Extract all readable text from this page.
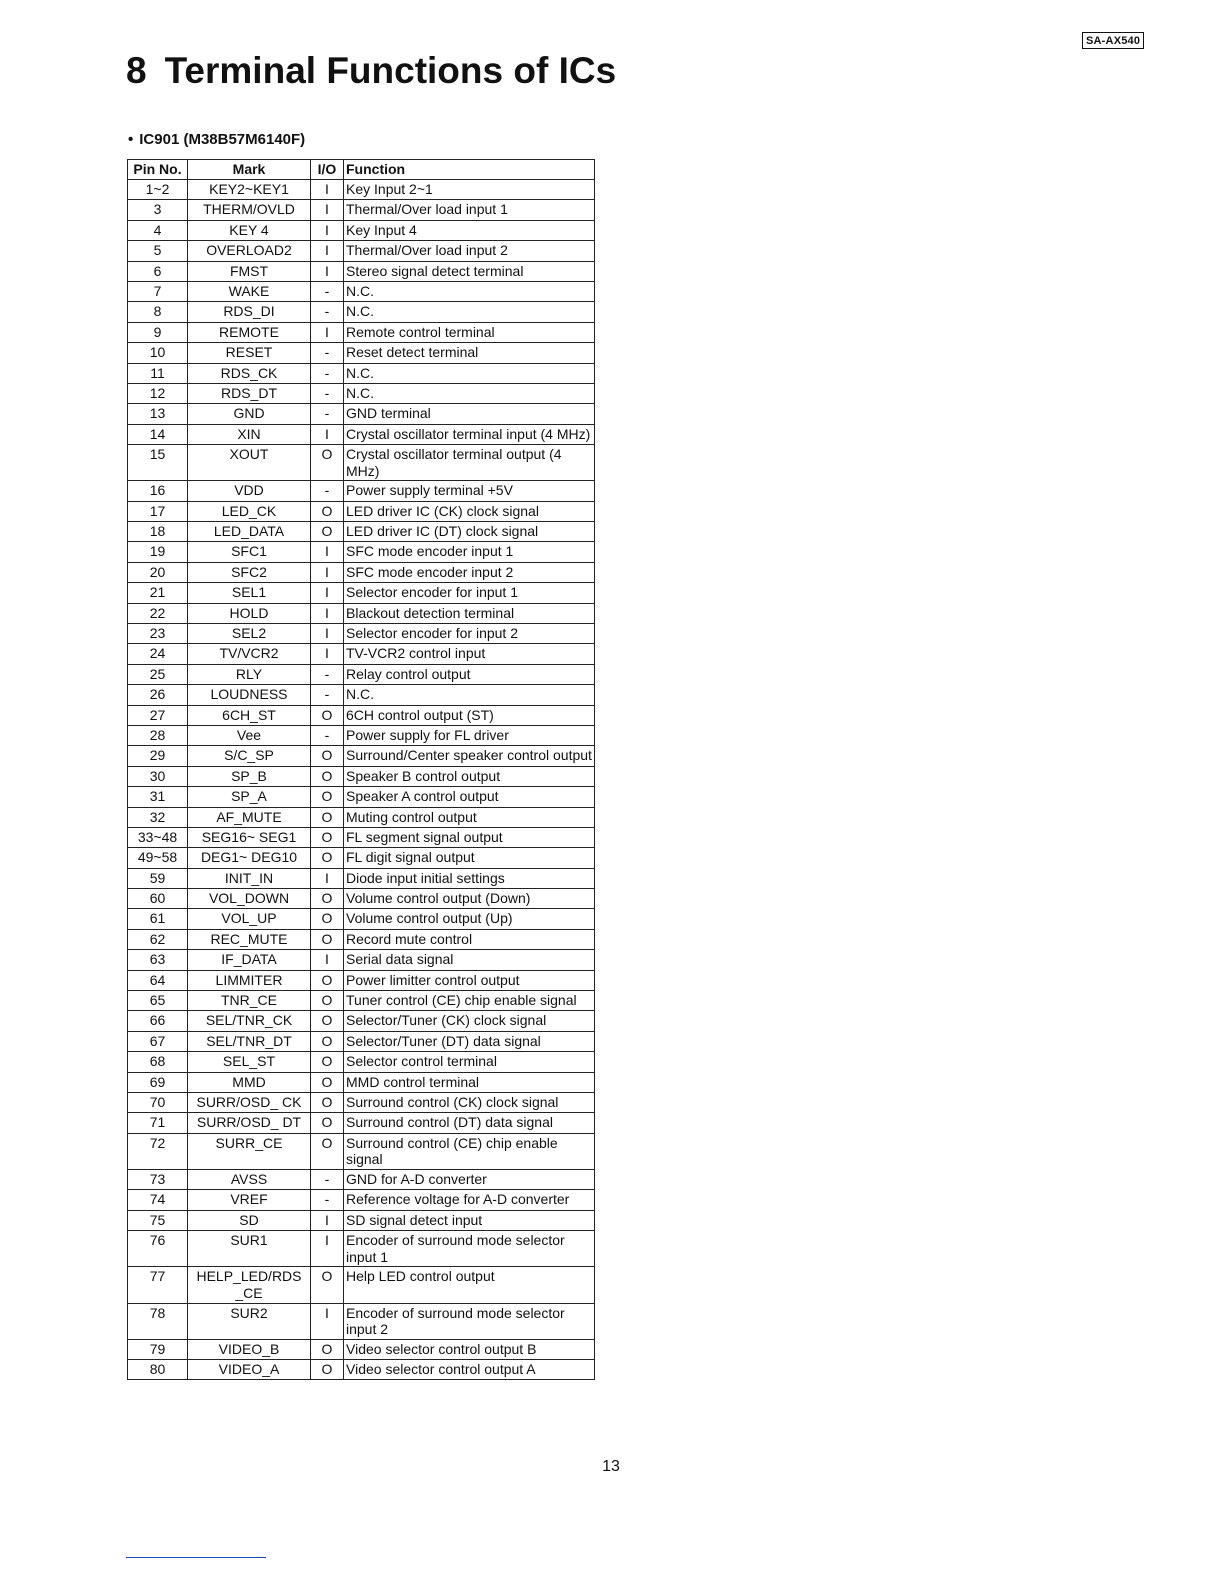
SA-AX540
8 Terminal Functions of ICs
• IC901 (M38B57M6140F)
Pin No.	Mark	I/O	Function
1~2	KEY2~KEY1	I	Key Input 2~1
3	THERM/OVLD	I	Thermal/Over load input 1
4	KEY 4	I	Key Input 4
5	OVERLOAD2	I	Thermal/Over load input 2
6	FMST	I	Stereo signal detect terminal
7	WAKE	-	N.C.
8	RDS_DI	-	N.C.
9	REMOTE	I	Remote control terminal
10	RESET	-	Reset detect terminal
11	RDS_CK	-	N.C.
12	RDS_DT	-	N.C.
13	GND	-	GND terminal
14	XIN	I	Crystal oscillator terminal input (4 MHz)
15	XOUT	O	Crystal oscillator terminal output (4 MHz)
16	VDD	-	Power supply terminal +5V
17	LED_CK	O	LED driver IC (CK) clock signal
18	LED_DATA	O	LED driver IC (DT) clock signal
19	SFC1	I	SFC mode encoder input 1
20	SFC2	I	SFC mode encoder input 2
21	SEL1	I	Selector encoder for input 1
22	HOLD	I	Blackout detection terminal
23	SEL2	I	Selector encoder for input 2
24	TV/VCR2	I	TV-VCR2 control input
25	RLY	-	Relay control output
26	LOUDNESS	-	N.C.
27	6CH_ST	O	6CH control output (ST)
28	Vee	-	Power supply for FL driver
29	S/C_SP	O	Surround/Center speaker control output
30	SP_B	O	Speaker B control output
31	SP_A	O	Speaker A control output
32	AF_MUTE	O	Muting control output
33~48	SEG16~ SEG1	O	FL segment signal output
49~58	DEG1~ DEG10	O	FL digit signal output
59	INIT_IN	I	Diode input initial settings
60	VOL_DOWN	O	Volume control output (Down)
61	VOL_UP	O	Volume control output (Up)
62	REC_MUTE	O	Record mute control
63	IF_DATA	I	Serial data signal
64	LIMMITER	O	Power limitter control output
65	TNR_CE	O	Tuner control (CE) chip enable signal
66	SEL/TNR_CK	O	Selector/Tuner (CK) clock signal
67	SEL/TNR_DT	O	Selector/Tuner (DT) data signal
68	SEL_ST	O	Selector control terminal
69	MMD	O	MMD control terminal
70	SURR/OSD_ CK	O	Surround control (CK) clock signal
71	SURR/OSD_ DT	O	Surround control (DT) data signal
72	SURR_CE	O	Surround control (CE) chip enable signal
73	AVSS	-	GND for A-D converter
74	VREF	-	Reference voltage for A-D converter
75	SD	I	SD signal detect input
76	SUR1	I	Encoder of surround mode selector input 1
77	HELP_LED/RDS _CE	O	Help LED control output
78	SUR2	I	Encoder of surround mode selector input 2
79	VIDEO_B	O	Video selector control output B
80	VIDEO_A	O	Video selector control output A
13
